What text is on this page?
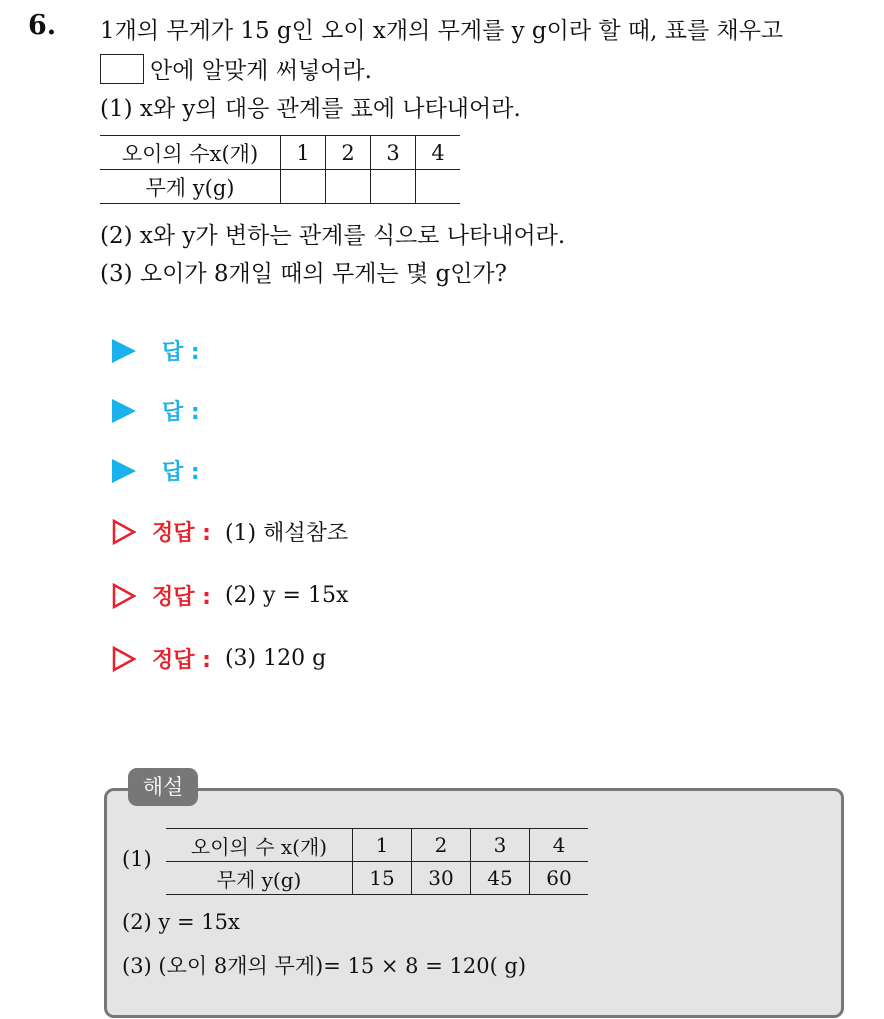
6. 1개의 무게가 15 g인 오이 x개의 무게를 y g이라 할 때, 표를 채우고
안에 알맞게 써넣어라.
(1) x와 y의 대응 관계를 표에 나타내어라.
오이의 수x(개)	1	2	3	4
무게 y(g)				
(2) x와 y가 변하는 관계를 식으로 나타내어라.
(3) 오이가 8개일 때의 무게는 몇 g인가?
답 :
답 :
답 :
정답 : (1) 해설참조
정답 : (2) y = 15x
정답 : (3) 120 g
해설
(1)
오이의 수 x(개)	1	2	3	4
무게 y(g)	15	30	45	60
(2) y = 15x
(3) (오이 8개의 무게)= 15 × 8 = 120( g)
